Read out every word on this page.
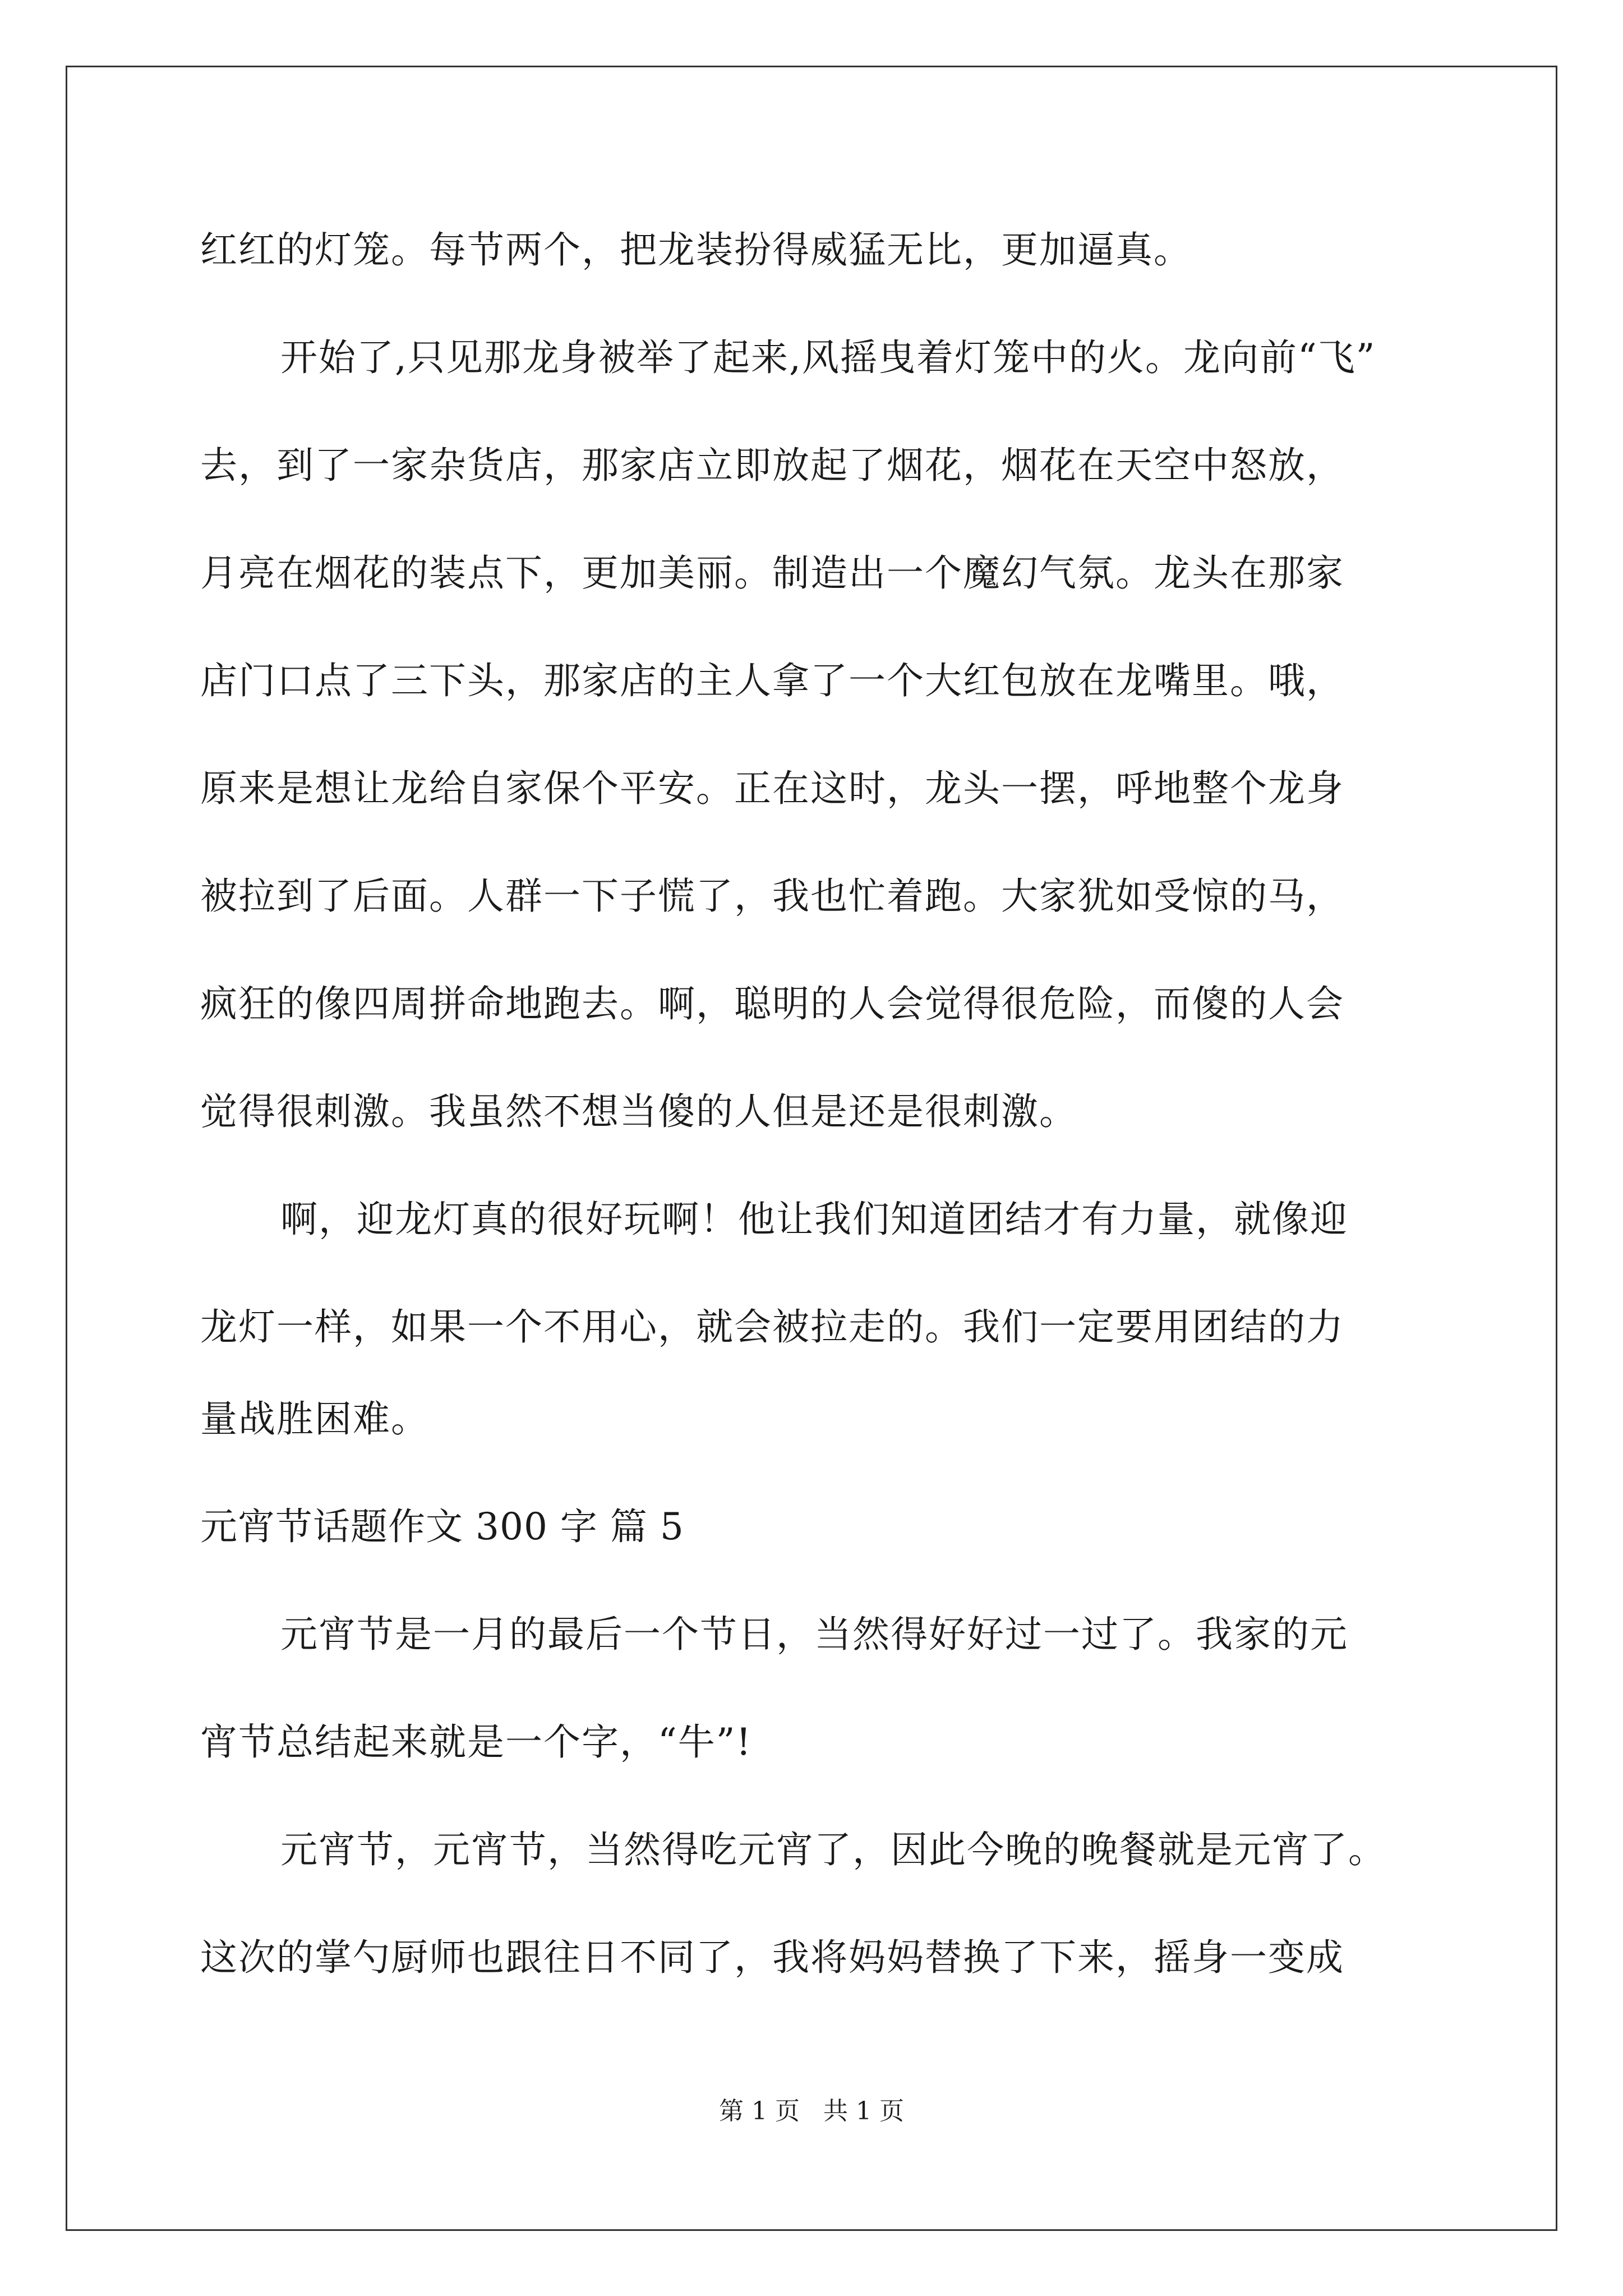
红红的灯笼。每节两个，把龙装扮得威猛无比，更加逼真。
开始了,只见那龙身被举了起来,风摇曳着灯笼中的火。龙向前“飞”
去，到了一家杂货店，那家店立即放起了烟花，烟花在天空中怒放，
月亮在烟花的装点下，更加美丽。制造出一个魔幻气氛。龙头在那家
店门口点了三下头，那家店的主人拿了一个大红包放在龙嘴里。哦，
原来是想让龙给自家保个平安。正在这时，龙头一摆，呼地整个龙身
被拉到了后面。人群一下子慌了，我也忙着跑。大家犹如受惊的马，
疯狂的像四周拼命地跑去。啊，聪明的人会觉得很危险，而傻的人会
觉得很刺激。我虽然不想当傻的人但是还是很刺激。
啊，迎龙灯真的很好玩啊！他让我们知道团结才有力量，就像迎
龙灯一样，如果一个不用心，就会被拉走的。我们一定要用团结的力
量战胜困难。
元宵节话题作文 300 字 篇 5
元宵节是一月的最后一个节日，当然得好好过一过了。我家的元
宵节总结起来就是一个字，“牛”!
元宵节，元宵节，当然得吃元宵了，因此今晚的晚餐就是元宵了。
这次的掌勺厨师也跟往日不同了，我将妈妈替换了下来，摇身一变成
第 1 页   共 1 页
